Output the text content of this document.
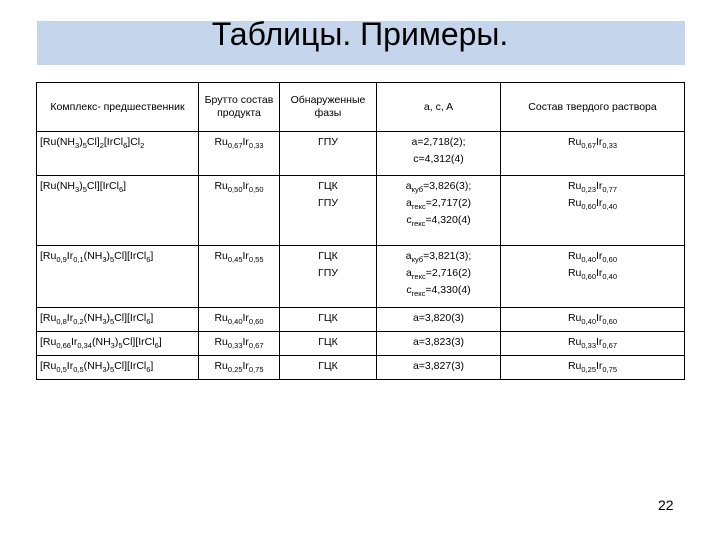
Таблицы. Примеры.
Комплекс- предшественник	Брутто состав продукта	Обнаруженные фазы	a, c, A	Состав твердого раствора

$[Ru(NH_3)_5Cl]_2[IrCl_6]Cl_2$	$Ru_{0,67}Ir_{0,33}$	ГПУ	a=2,718(2);
c=4,312(4)	$Ru_{0,67}Ir_{0,33}$

$[Ru(NH_3)_5Cl][IrCl_6]$	$Ru_{0,50}Ir_{0,50}$	ГЦК
ГПУ	$a_{куб}=3,826(3)$;
$a_{гекс}=2,717(2)$
$c_{гекс}=4,320(4)$	$Ru_{0,23}Ir_{0,77}$
$Ru_{0,60}Ir_{0,40}$

$[Ru_{0,9}Ir_{0,1}(NH_3)_5Cl][IrCl_6]$	$Ru_{0,45}Ir_{0,55}$	ГЦК
ГПУ	$a_{куб}=3,821(3)$;
$a_{гекс}=2,716(2)$
$c_{гекс}=4,330(4)$	$Ru_{0,40}Ir_{0,60}$
$Ru_{0,60}Ir_{0,40}$

$[Ru_{0,8}Ir_{0,2}(NH_3)_5Cl][IrCl_6]$	$Ru_{0,40}Ir_{0,60}$	ГЦК	a=3,820(3)	$Ru_{0,40}Ir_{0,60}$

$[Ru_{0,66}Ir_{0,34}(NH_3)_5Cl][IrCl_6]$	$Ru_{0,33}Ir_{0,67}$	ГЦК	a=3,823(3)	$Ru_{0,33}Ir_{0,67}$

$[Ru_{0,5}Ir_{0,5}(NH_3)_5Cl][IrCl_6]$	$Ru_{0,25}Ir_{0,75}$	ГЦК	a=3,827(3)	$Ru_{0,25}Ir_{0,75}$
22
